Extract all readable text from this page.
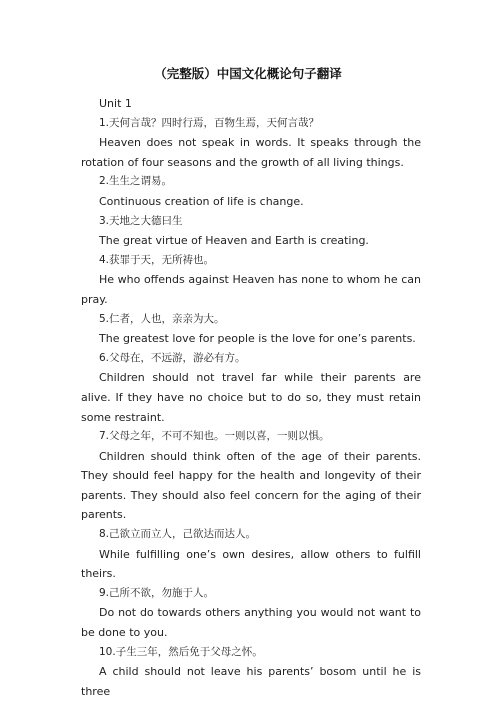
（完整版）中国文化概论句子翻译

Unit 1

1.天何言哉？四时行焉，百物生焉，天何言哉？

Heaven does not speak in words. It speaks through the rotation of four seasons and the growth of all living things.

2.生生之谓易。

Continuous creation of life is change.

3.天地之大德曰生

The great virtue of Heaven and Earth is creating.

4.获罪于天，无所祷也。

He who offends against Heaven has none to whom he can pray.

5.仁者，人也，亲亲为大。

The greatest love for people is the love for one’s parents.

6.父母在，不远游，游必有方。

Children should not travel far while their parents are alive. If they have no choice but to do so, they must retain some restraint.

7.父母之年，不可不知也。一则以喜，一则以惧。

Children should think often of the age of their parents. They should feel happy for the health and longevity of their parents. They should also feel concern for the aging of their parents.

8.己欲立而立人，己欲达而达人。

While fulfilling one’s own desires, allow others to fulfill theirs.

9.己所不欲，勿施于人。

Do not do towards others anything you would not want to be done to you.

10.子生三年，然后免于父母之怀。

A child should not leave his parents’ bosom until he is three
